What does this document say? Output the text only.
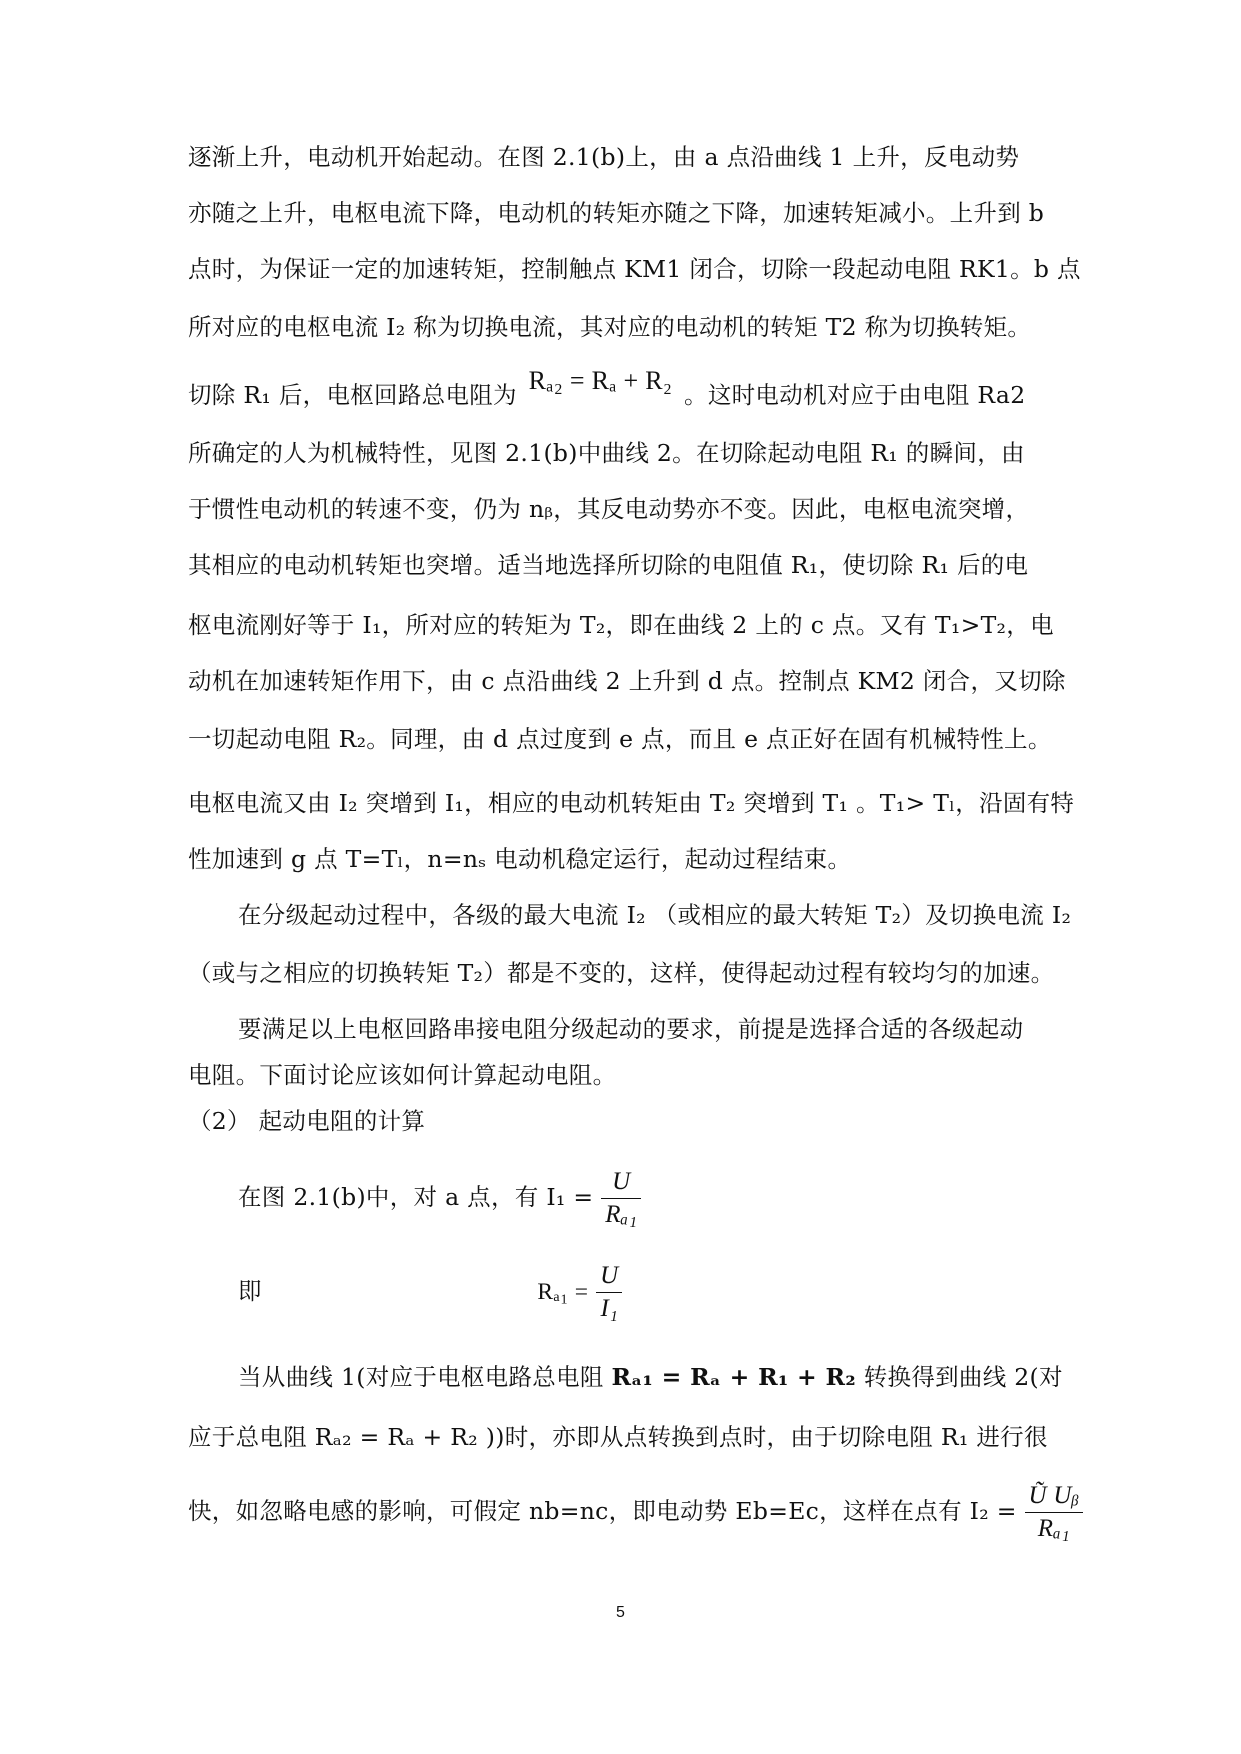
逐渐上升，电动机开始起动。在图 2.1(b)上，由 a 点沿曲线 1 上升，反电动势
亦随之上升，电枢电流下降，电动机的转矩亦随之下降，加速转矩减小。上升到 b
点时，为保证一定的加速转矩，控制触点 KM1 闭合，切除一段起动电阻 RK1。b 点
所对应的电枢电流 I₂ 称为切换电流，其对应的电动机的转矩 T2 称为切换转矩。
切除 R₁ 后，电枢回路总电阻为 Rₐ₂ = Rₐ + R₂ 。这时电动机对应于由电阻 Ra2
所确定的人为机械特性，见图 2.1(b)中曲线 2。在切除起动电阻 R₁ 的瞬间，由
于惯性电动机的转速不变，仍为 nᵦ，其反电动势亦不变。因此，电枢电流突增，
其相应的电动机转矩也突增。适当地选择所切除的电阻值 R₁，使切除 R₁ 后的电
枢电流刚好等于 I₁，所对应的转矩为 T₂，即在曲线 2 上的 c 点。又有 T₁>T₂，电
动机在加速转矩作用下，由 c 点沿曲线 2 上升到 d 点。控制点 KM2 闭合，又切除
一切起动电阻 R₂。同理，由 d 点过度到 e 点，而且 e 点正好在固有机械特性上。
电枢电流又由 I₂ 突增到 I₁，相应的电动机转矩由 T₂ 突增到 T₁ 。T₁> Tₗ，沿固有特
性加速到 g 点 T=Tₗ，n=nₛ 电动机稳定运行，起动过程结束。
在分级起动过程中，各级的最大电流 I₂ （或相应的最大转矩 T₂）及切换电流 I₂
（或与之相应的切换转矩 T₂）都是不变的，这样，使得起动过程有较均匀的加速。
要满足以上电枢回路串接电阻分级起动的要求，前提是选择合适的各级起动
电阻。下面讨论应该如何计算起动电阻。
（2） 起动电阻的计算
在图 2.1(b)中，对 a 点，有 $I_1 = \frac{U}{\text{Rₐ₁}}$
即	$R_{a1} = \frac{U}{\text{I₁}}$
当从曲线 1(对应于电枢电路总电阻 Rₐ₁ = Rₐ + R₁ + R₂ 转换得到曲线 2(对
应于总电阻 Rₐ₂ = Rₐ + R₂ ))时，亦即从点转换到点时，由于切除电阻 R₁ 进行很
快，如忽略电感的影响，可假定 nb=nc，即电动势 Eb=Ec，这样在点有 $I_2 = \frac{\text{Ũ Uᵦ}}{\text{Rₐ₁}}$
5
